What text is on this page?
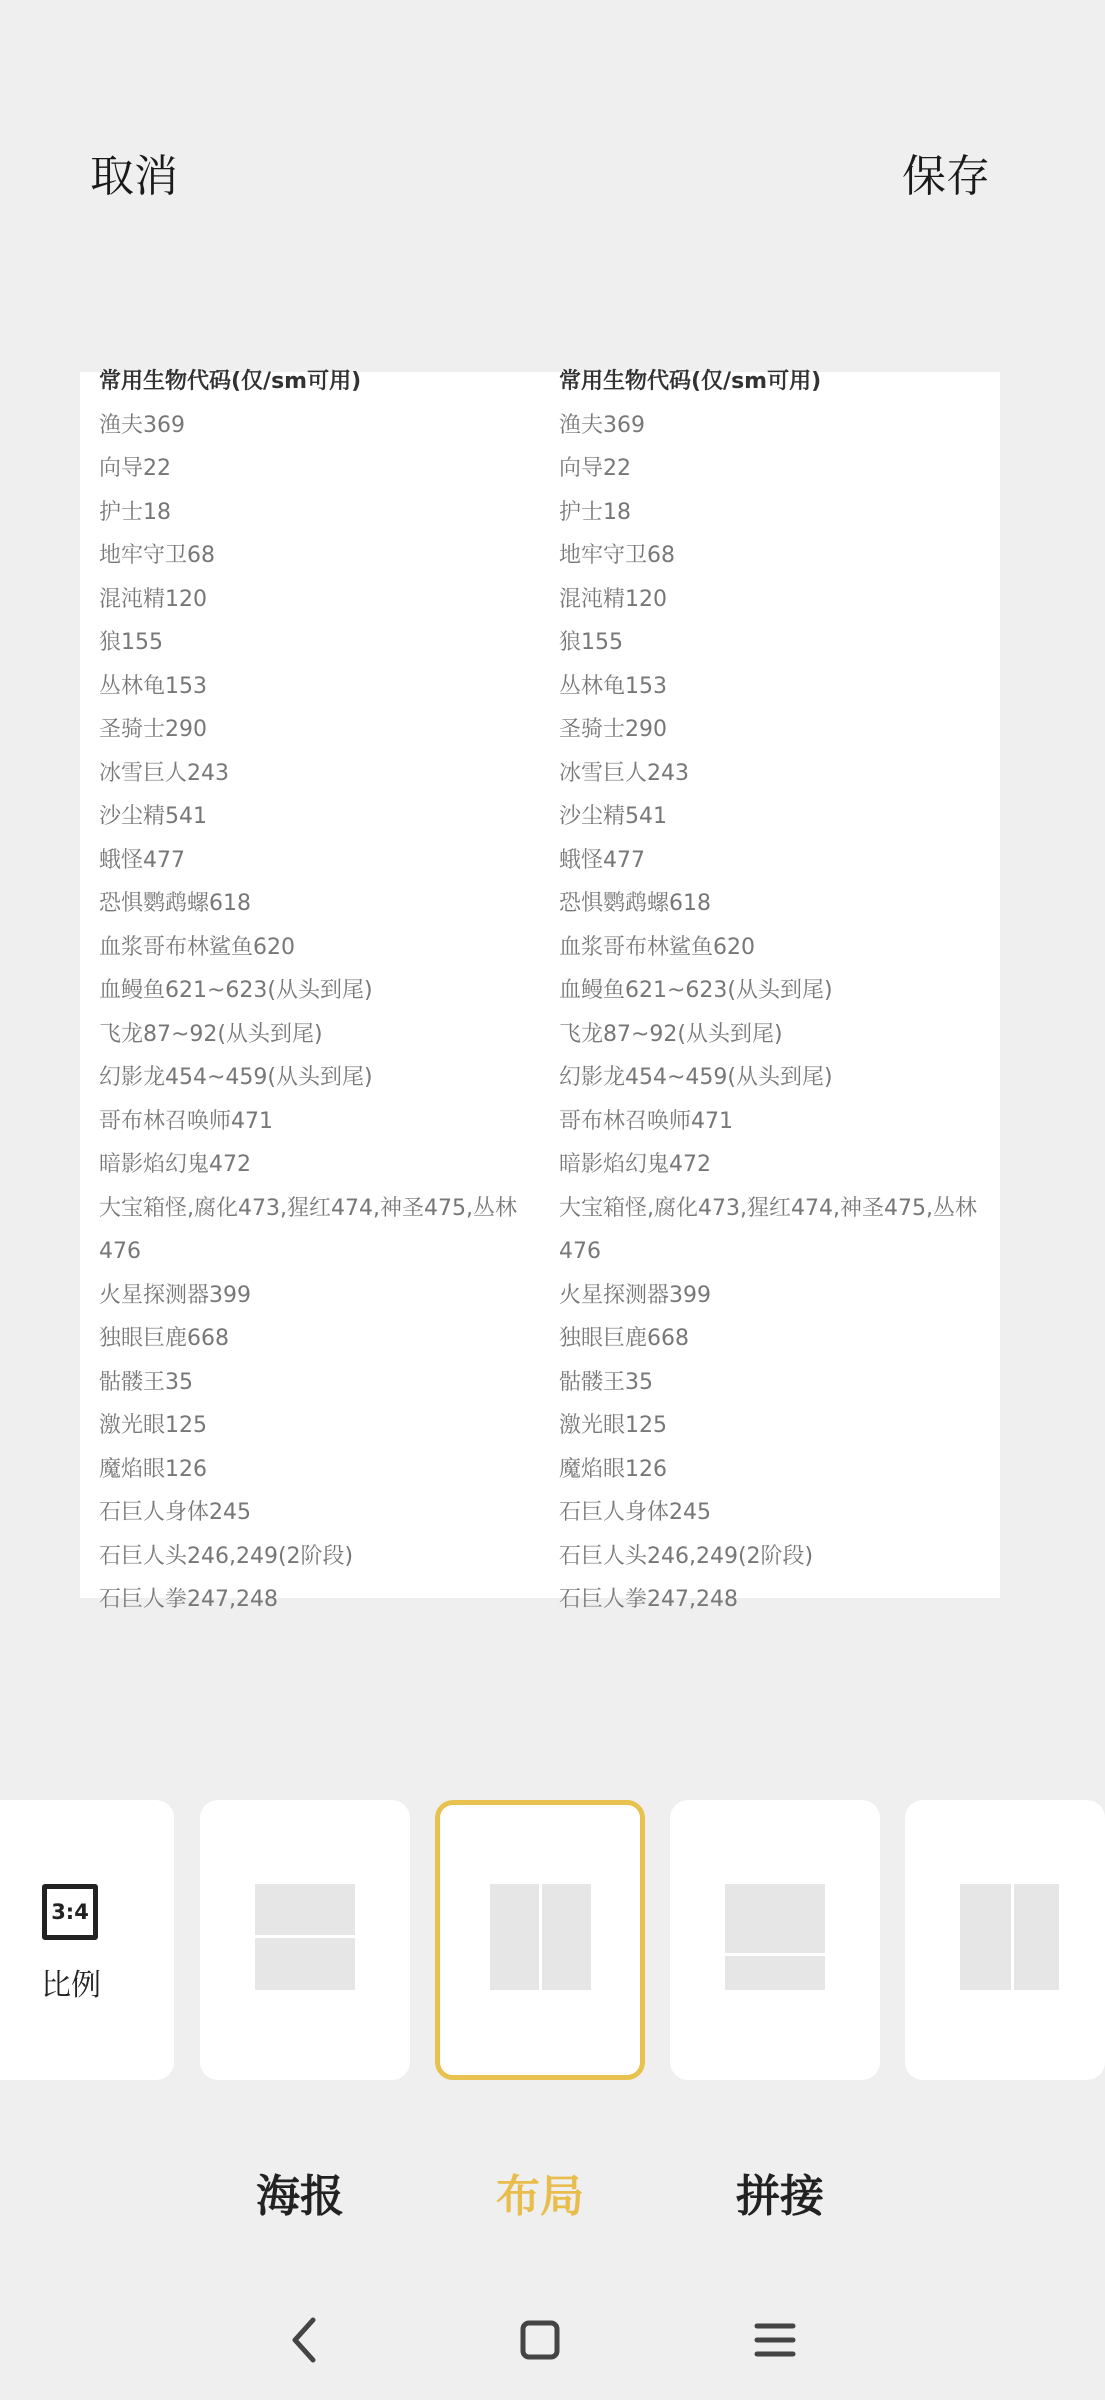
取消	保存
常用生物代码(仅/sm可用)
渔夫369
向导22
护士18
地牢守卫68
混沌精120
狼155
丛林龟153
圣骑士290
冰雪巨人243
沙尘精541
蛾怪477
恐惧鹦鹉螺618
血浆哥布林鲨鱼620
血鳗鱼621~623(从头到尾)
飞龙87~92(从头到尾)
幻影龙454~459(从头到尾)
哥布林召唤师471
暗影焰幻鬼472
大宝箱怪,腐化473,猩红474,神圣475,丛林476
火星探测器399
独眼巨鹿668
骷髅王35
激光眼125
魔焰眼126
石巨人身体245
石巨人头246,249(2阶段)
石巨人拳247,248
常用生物代码(仅/sm可用)
渔夫369
向导22
护士18
地牢守卫68
混沌精120
狼155
丛林龟153
圣骑士290
冰雪巨人243
沙尘精541
蛾怪477
恐惧鹦鹉螺618
血浆哥布林鲨鱼620
血鳗鱼621~623(从头到尾)
飞龙87~92(从头到尾)
幻影龙454~459(从头到尾)
哥布林召唤师471
暗影焰幻鬼472
大宝箱怪,腐化473,猩红474,神圣475,丛林476
火星探测器399
独眼巨鹿668
骷髅王35
激光眼125
魔焰眼126
石巨人身体245
石巨人头246,249(2阶段)
石巨人拳247,248
3:4
比例
海报	布局	拼接
